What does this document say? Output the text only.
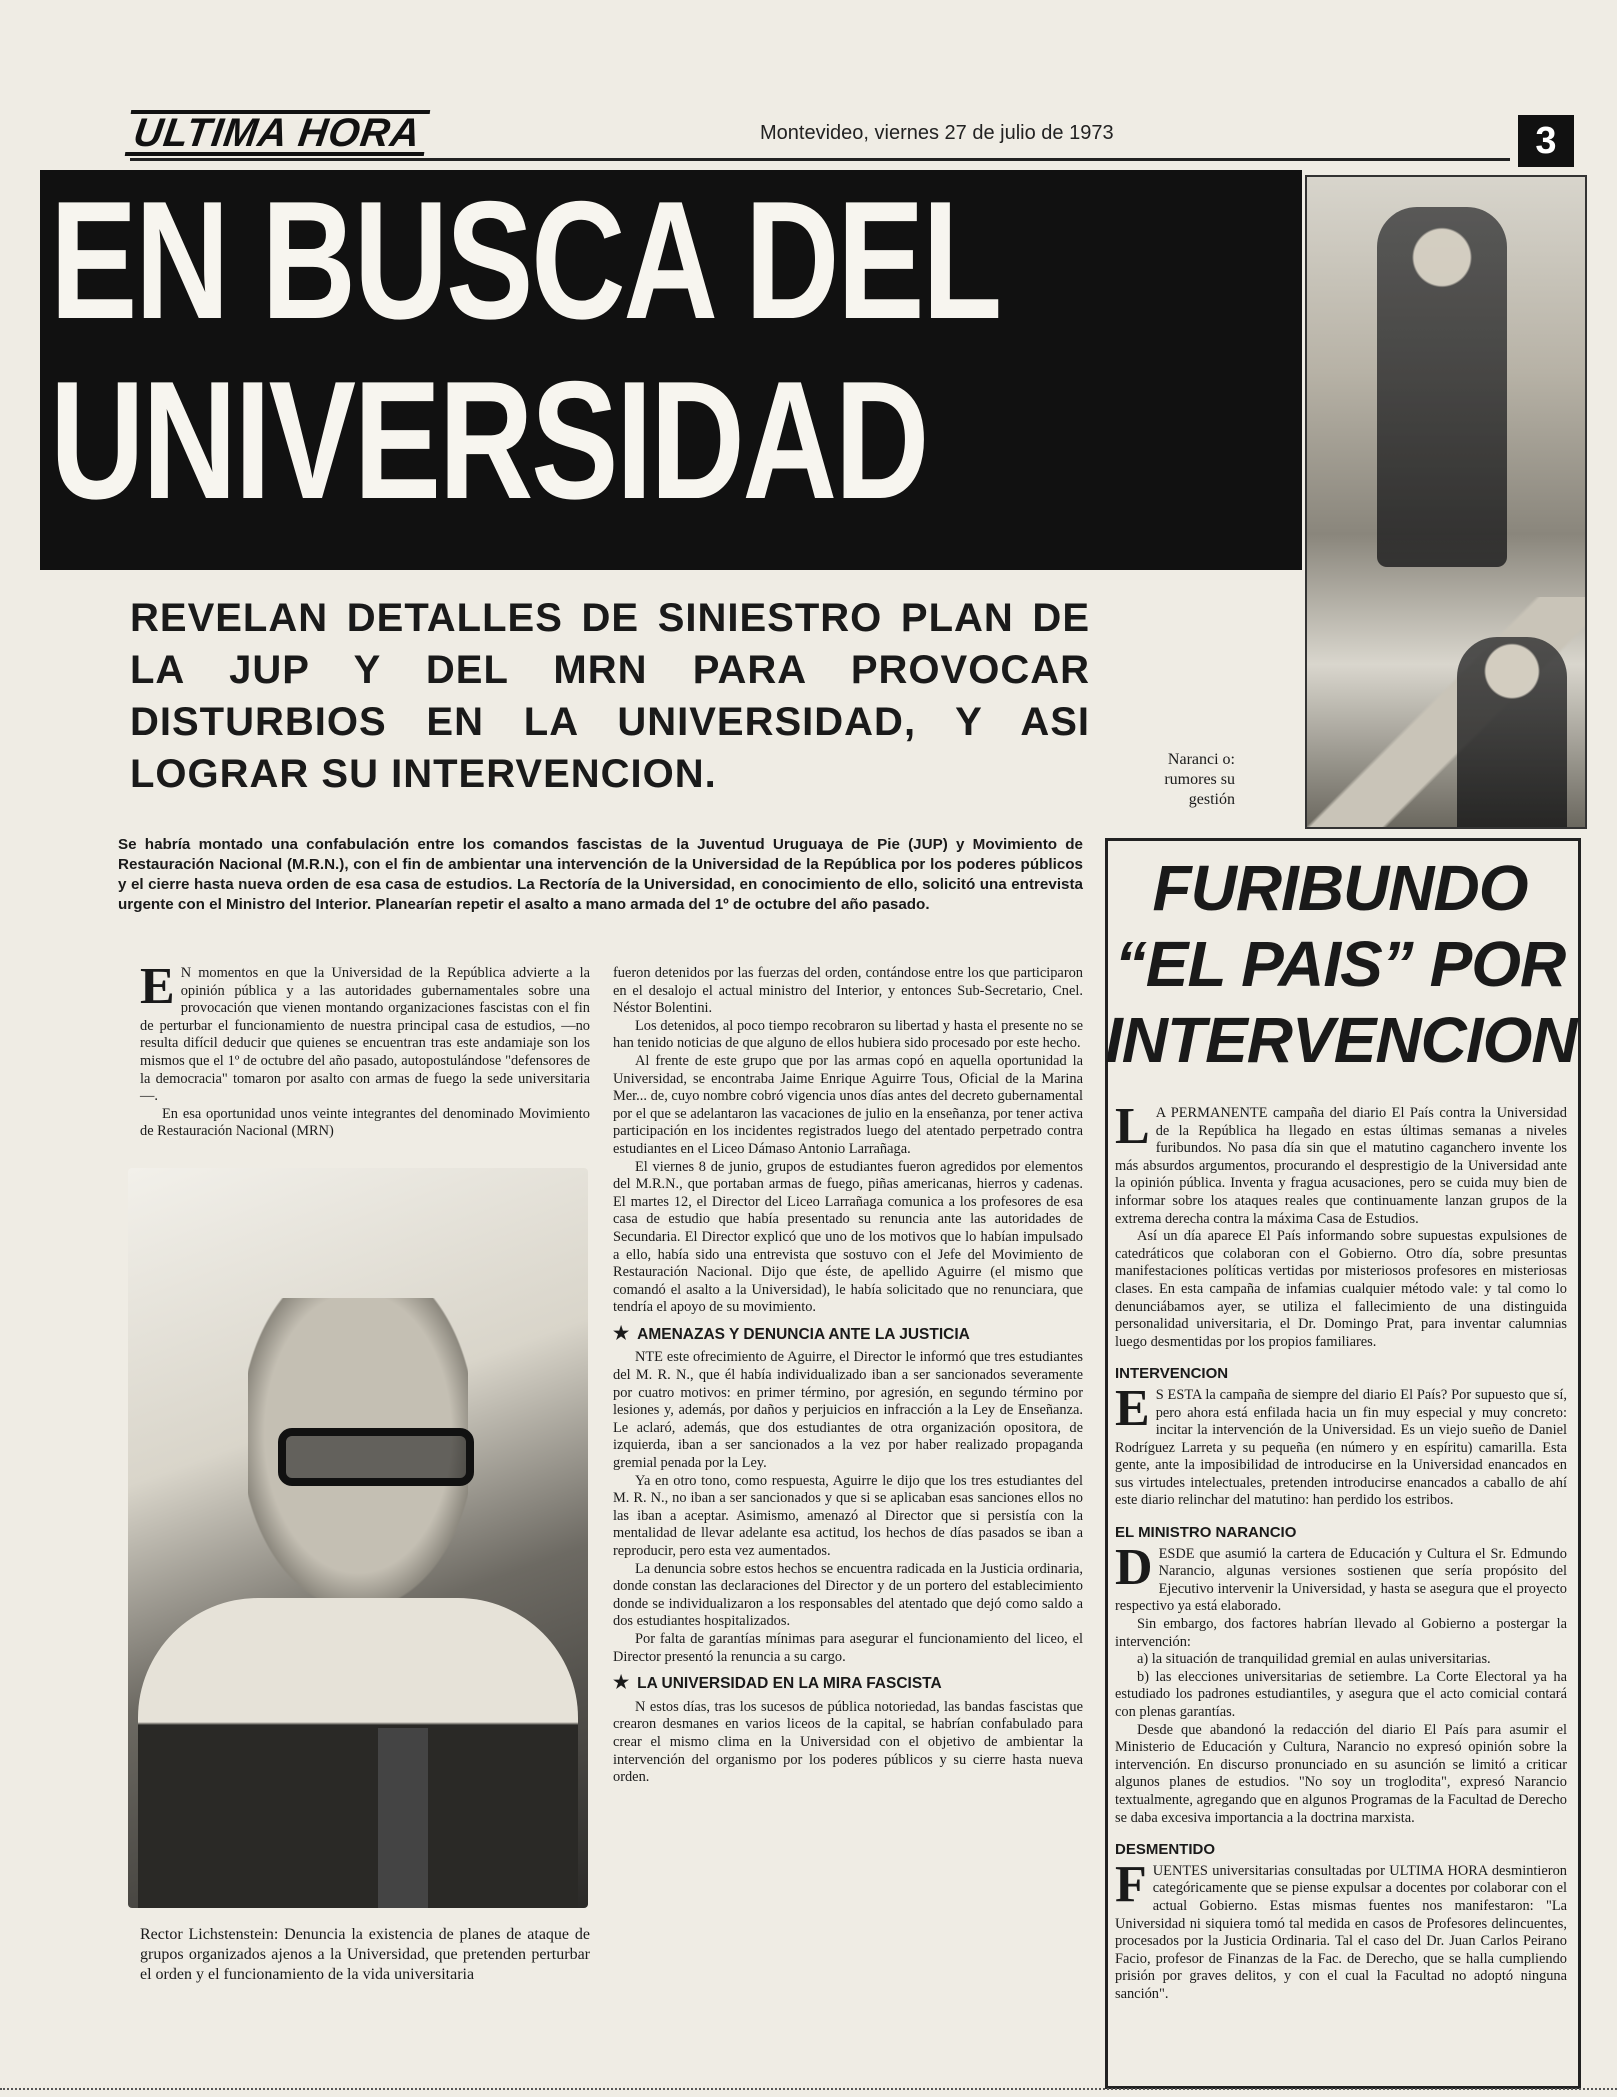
ULTIMA HORA	Montevideo, viernes 27 de julio de 1973	3
EN BUSCA DEL
UNIVERSIDAD
Naranci o: rumores su gestión
REVELAN DETALLES DE SINIESTRO PLAN DE LA JUP Y DEL MRN PARA PROVOCAR DISTURBIOS EN LA UNIVERSIDAD, Y ASI LOGRAR SU INTERVENCION.
Se habría montado una confabulación entre los comandos fascistas de la Juventud Uruguaya de Pie (JUP) y Movimiento de Restauración Nacional (M.R.N.), con el fin de ambientar una intervención de la Universidad de la República por los poderes públicos y el cierre hasta nueva orden de esa casa de estudios. La Rectoría de la Universidad, en conocimiento de ello, solicitó una entrevista urgente con el Ministro del Interior. Planearían repetir el asalto a mano armada del 1º de octubre del año pasado.

E N momentos en que la Universidad de la República advierte a la opinión pública y a las autoridades gubernamentales sobre una provocación que vienen montando organizaciones fascistas con el fin de perturbar el funcionamiento de nuestra principal casa de estudios, —no resulta difícil deducir que quienes se encuentran tras este andamiaje son los mismos que el 1º de octubre del año pasado, autopostulándose "defensores de la democracia" tomaron por asalto con armas de fuego la sede universitaria—.

En esa oportunidad unos veinte integrantes del denominado Movimiento de Restauración Nacional (MRN)

Rector Lichstenstein: Denuncia la existencia de planes de ataque de grupos organizados ajenos a la Universidad, que pretenden perturbar el orden y el funcionamiento de la vida universitaria

fueron detenidos por las fuerzas del orden, contándose entre los que participaron en el desalojo el actual ministro del Interior, y entonces Sub-Secretario, Cnel. Néstor Bolentini.

Los detenidos, al poco tiempo recobraron su libertad y hasta el presente no se han tenido noticias de que alguno de ellos hubiera sido procesado por este hecho.

Al frente de este grupo que por las armas copó en aquella oportunidad la Universidad, se encontraba Jaime Enrique Aguirre Tous, Oficial de la Marina Mer... de, cuyo nombre cobró vigencia unos días antes del decreto gubernamental por el que se adelantaron las vacaciones de julio en la enseñanza, por tener activa participación en los incidentes registrados luego del atentado perpetrado contra estudiantes en el Liceo Dámaso Antonio Larrañaga.

El viernes 8 de junio, grupos de estudiantes fueron agredidos por elementos del M.R.N., que portaban armas de fuego, piñas americanas, hierros y cadenas. El martes 12, el Director del Liceo Larrañaga comunica a los profesores de esa casa de estudio que había presentado su renuncia ante las autoridades de Secundaria. El Director explicó que uno de los motivos que lo habían impulsado a ello, había sido una entrevista que sostuvo con el Jefe del Movimiento de Restauración Nacional. Dijo que éste, de apellido Aguirre (el mismo que comandó el asalto a la Universidad), le había solicitado que no renunciara, que tendría el apoyo de su movimiento.

★ AMENAZAS Y DENUNCIA ANTE LA JUSTICIA

NTE este ofrecimiento de Aguirre, el Director le informó que tres estudiantes del M. R. N., que él había individualizado iban a ser sancionados severamente por cuatro motivos: en primer término, por agresión, en segundo término por lesiones y, además, por daños y perjuicios en infracción a la Ley de Enseñanza. Le aclaró, además, que dos estudiantes de otra organización opositora, de izquierda, iban a ser sancionados a la vez por haber realizado propaganda gremial penada por la Ley.

Ya en otro tono, como respuesta, Aguirre le dijo que los tres estudiantes del M. R. N., no iban a ser sancionados y que si se aplicaban esas sanciones ellos no las iban a aceptar. Asimismo, amenazó al Director que si persistía con la mentalidad de llevar adelante esa actitud, los hechos de días pasados se iban a reproducir, pero esta vez aumentados.

La denuncia sobre estos hechos se encuentra radicada en la Justicia ordinaria, donde constan las declaraciones del Director y de un portero del establecimiento donde se individualizaron a los responsables del atentado que dejó como saldo a dos estudiantes hospitalizados.

Por falta de garantías mínimas para asegurar el funcionamiento del liceo, el Director presentó la renuncia a su cargo.

★ LA UNIVERSIDAD EN LA MIRA FASCISTA

N estos días, tras los sucesos de pública notoriedad, las bandas fascistas que crearon desmanes en varios liceos de la capital, se habrían confabulado para crear el mismo clima en la Universidad con el objetivo de ambientar la intervención del organismo por los poderes públicos y su cierre hasta nueva orden.

FURIBUNDO
“EL PAIS” POR
INTERVENCION

L A PERMANENTE campaña del diario El País contra la Universidad de la República ha llegado en estas últimas semanas a niveles furibundos. No pasa día sin que el matutino caganchero invente los más absurdos argumentos, procurando el desprestigio de la Universidad ante la opinión pública. Inventa y fragua acusaciones, pero se cuida muy bien de informar sobre los ataques reales que continuamente lanzan grupos de la extrema derecha contra la máxima Casa de Estudios.

Así un día aparece El País informando sobre supuestas expulsiones de catedráticos que colaboran con el Gobierno. Otro día, sobre presuntas manifestaciones políticas vertidas por misteriosos profesores en misteriosas clases. En esta campaña de infamias cualquier método vale: y tal como lo denunciábamos ayer, se utiliza el fallecimiento de una distinguida personalidad universitaria, el Dr. Domingo Prat, para inventar calumnias luego desmentidas por los propios familiares.

INTERVENCION

E S ESTA la campaña de siempre del diario El País? Por supuesto que sí, pero ahora está enfilada hacia un fin muy especial y muy concreto: incitar la intervención de la Universidad. Es un viejo sueño de Daniel Rodríguez Larreta y su pequeña (en número y en espíritu) camarilla. Esta gente, ante la imposibilidad de introducirse en la Universidad enancados en sus virtudes intelectuales, pretenden introducirse enancados a caballo de ahí este diario relinchar del matutino: han perdido los estribos.

EL MINISTRO NARANCIO

DESDE que asumió la cartera de Educación y Cultura el Sr. Edmundo Narancio, algunas versiones sostienen que sería propósito del Ejecutivo intervenir la Universidad, y hasta se asegura que el proyecto respectivo ya está elaborado.

Sin embargo, dos factores habrían llevado al Gobierno a postergar la intervención:

a) la situación de tranquilidad gremial en aulas universitarias.

b) las elecciones universitarias de setiembre. La Corte Electoral ya ha estudiado los padrones estudiantiles, y asegura que el acto comicial contará con plenas garantías.

Desde que abandonó la redacción del diario El País para asumir el Ministerio de Educación y Cultura, Narancio no expresó opinión sobre la intervención. En discurso pronunciado en su asunción se limitó a criticar algunos planes de estudios. "No soy un troglodita", expresó Narancio textualmente, agregando que en algunos Programas de la Facultad de Derecho se daba excesiva importancia a la doctrina marxista.

DESMENTIDO

FUENTES universitarias consultadas por ULTIMA HORA desmintieron categóricamente que se piense expulsar a docentes por colaborar con el actual Gobierno. Estas mismas fuentes nos manifestaron: "La Universidad ni siquiera tomó tal medida en casos de Profesores delincuentes, procesados por la Justicia Ordinaria. Tal el caso del Dr. Juan Carlos Peirano Facio, profesor de Finanzas de la Fac. de Derecho, que se halla cumpliendo prisión por graves delitos, y con el cual la Facultad no adoptó ninguna sanción".
